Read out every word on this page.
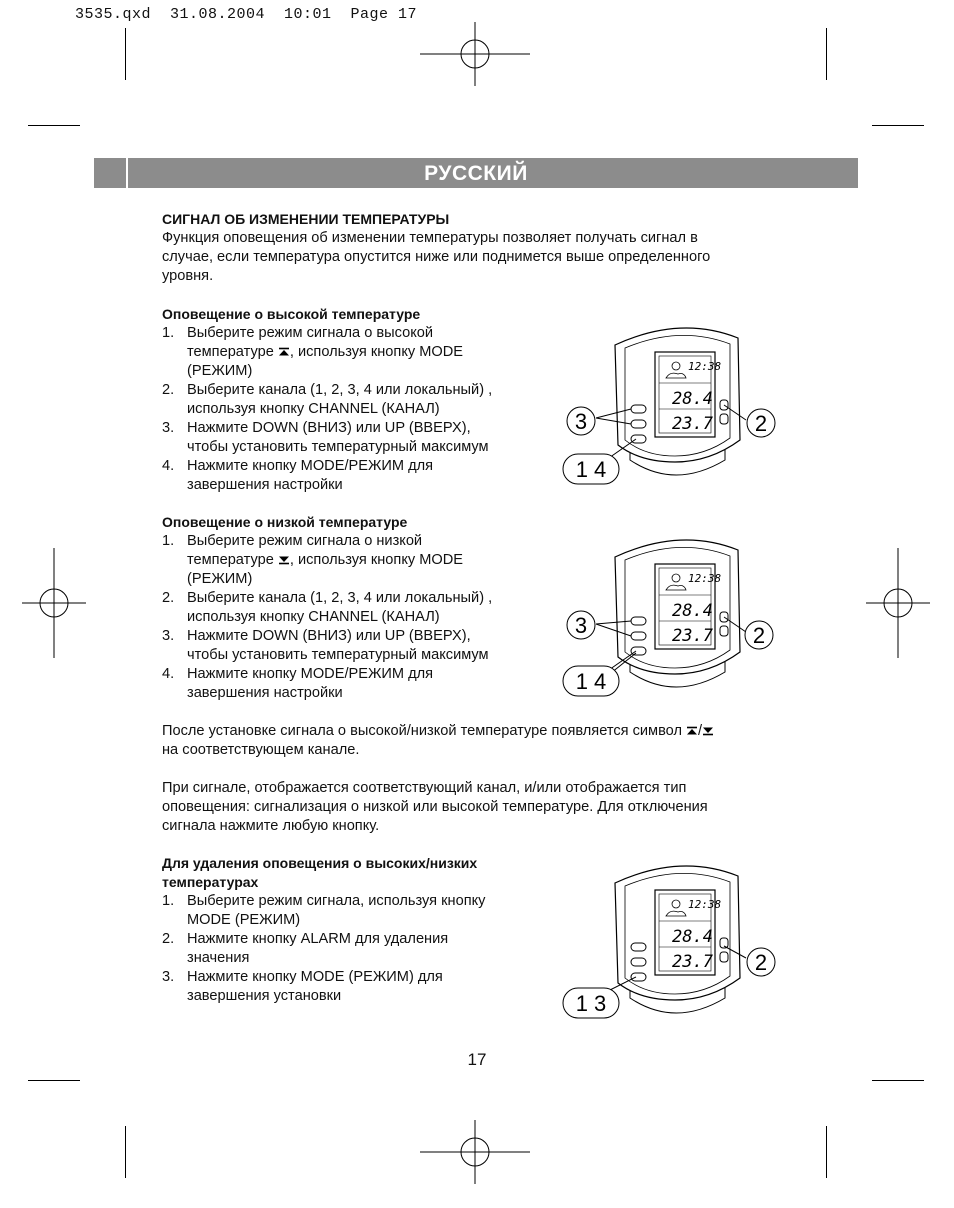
3535.qxd  31.08.2004  10:01  Page 17
РУССКИЙ
СИГНАЛ ОБ ИЗМЕНЕНИИ ТЕМПЕРАТУРЫ
Функция оповещения об изменении температуры позволяет получать сигнал в
случае, если температура опустится ниже или поднимется выше определенного
уровня.
Оповещение о высокой температуре
1. Выберите режим сигнала о высокой
температуре , используя кнопку MODE
(РЕЖИМ)
2. Выберите канала (1, 2, 3, 4 или локальный) ,
используя кнопку CHANNEL (КАНАЛ)
3. Нажмите DOWN (ВНИЗ) или UP (ВВЕРХ),
чтобы установить температурный максимум
4. Нажмите кнопку MODE/РЕЖИМ для
завершения настройки
Оповещение о низкой температуре
1. Выберите режим сигнала о низкой
температуре , используя кнопку MODE
(РЕЖИМ)
2. Выберите канала (1, 2, 3, 4 или локальный) ,
используя кнопку CHANNEL (КАНАЛ)
3. Нажмите DOWN (ВНИЗ) или UP (ВВЕРХ),
чтобы установить температурный максимум
4. Нажмите кнопку MODE/РЕЖИМ для
завершения настройки
После установке сигнала о высокой/низкой температуре появляется символ /
на соответствующем канале.
При сигнале, отображается соответствующий канал, и/или отображается тип
оповещения: сигнализация о низкой или высокой температуре. Для отключения
сигнала нажмите любую кнопку.
Для удаления оповещения о высоких/низких
температурах
1. Выберите режим сигнала, используя кнопку
MODE (РЕЖИМ)
2. Нажмите кнопку ALARM для удаления
значения
3. Нажмите кнопку MODE (РЕЖИМ) для
завершения установки
12:38
28.4
23.7
3	2
1 4
12:38
28.4
23.7
3	2
1 4
12:38
28.4
23.7 2
1 3
17
